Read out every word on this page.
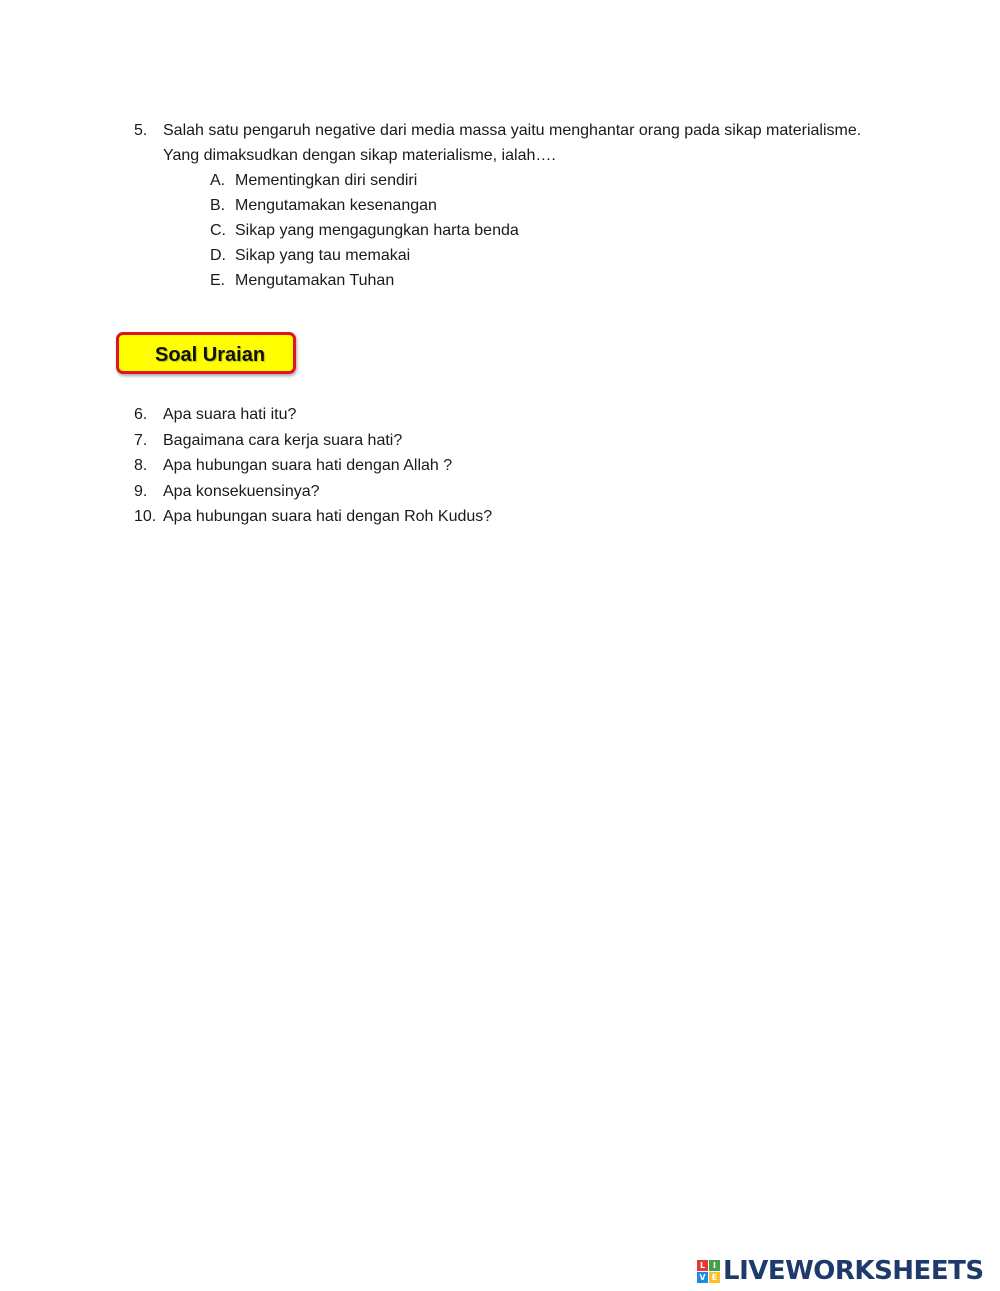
5. Salah satu pengaruh negative dari media massa yaitu menghantar orang pada sikap materialisme.
Yang dimaksudkan dengan sikap materialisme, ialah….
A. Mementingkan diri sendiri
B. Mengutamakan kesenangan
C. Sikap yang mengagungkan harta benda
D. Sikap yang tau memakai
E. Mengutamakan Tuhan
Soal Uraian
6. Apa suara hati itu?
7. Bagaimana cara kerja suara hati?
8. Apa hubungan suara hati dengan Allah ?
9. Apa konsekuensinya?
10. Apa hubungan suara hati dengan Roh Kudus?
L I
V E LIVEWORKSHEETS
